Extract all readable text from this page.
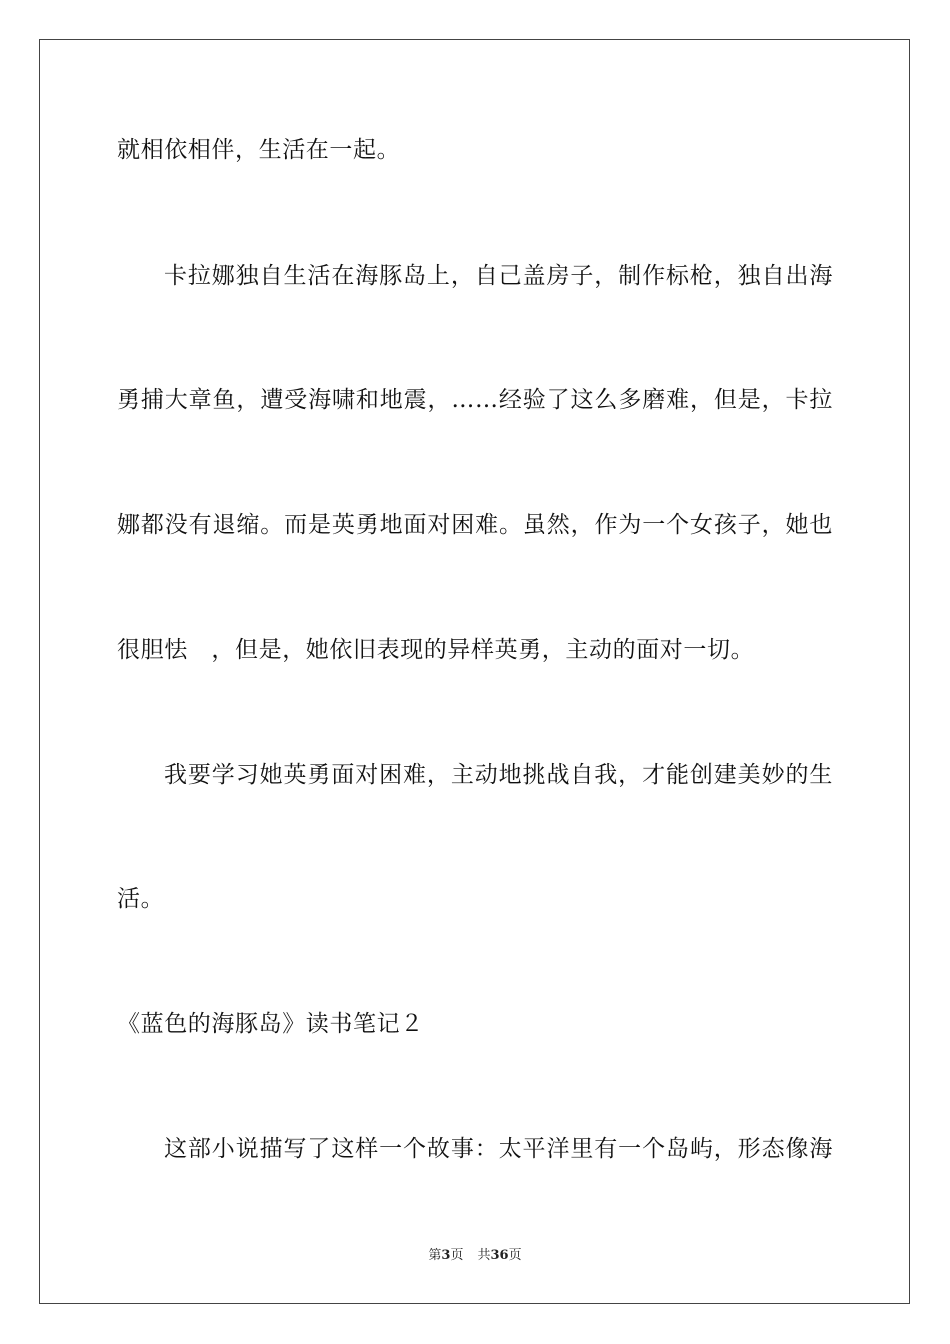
就相依相伴，生活在一起。
卡拉娜独自生活在海豚岛上，自己盖房子，制作标枪，独自出海
勇捕大章鱼，遭受海啸和地震，……经验了这么多磨难，但是，卡拉
娜都没有退缩。而是英勇地面对困难。虽然，作为一个女孩子，她也
很胆怯　，但是，她依旧表现的异样英勇，主动的面对一切。
我要学习她英勇面对困难，主动地挑战自我，才能创建美妙的生
活。
《蓝色的海豚岛》读书笔记２
这部小说描写了这样一个故事：太平洋里有一个岛屿，形态像海
第3页 共36页
